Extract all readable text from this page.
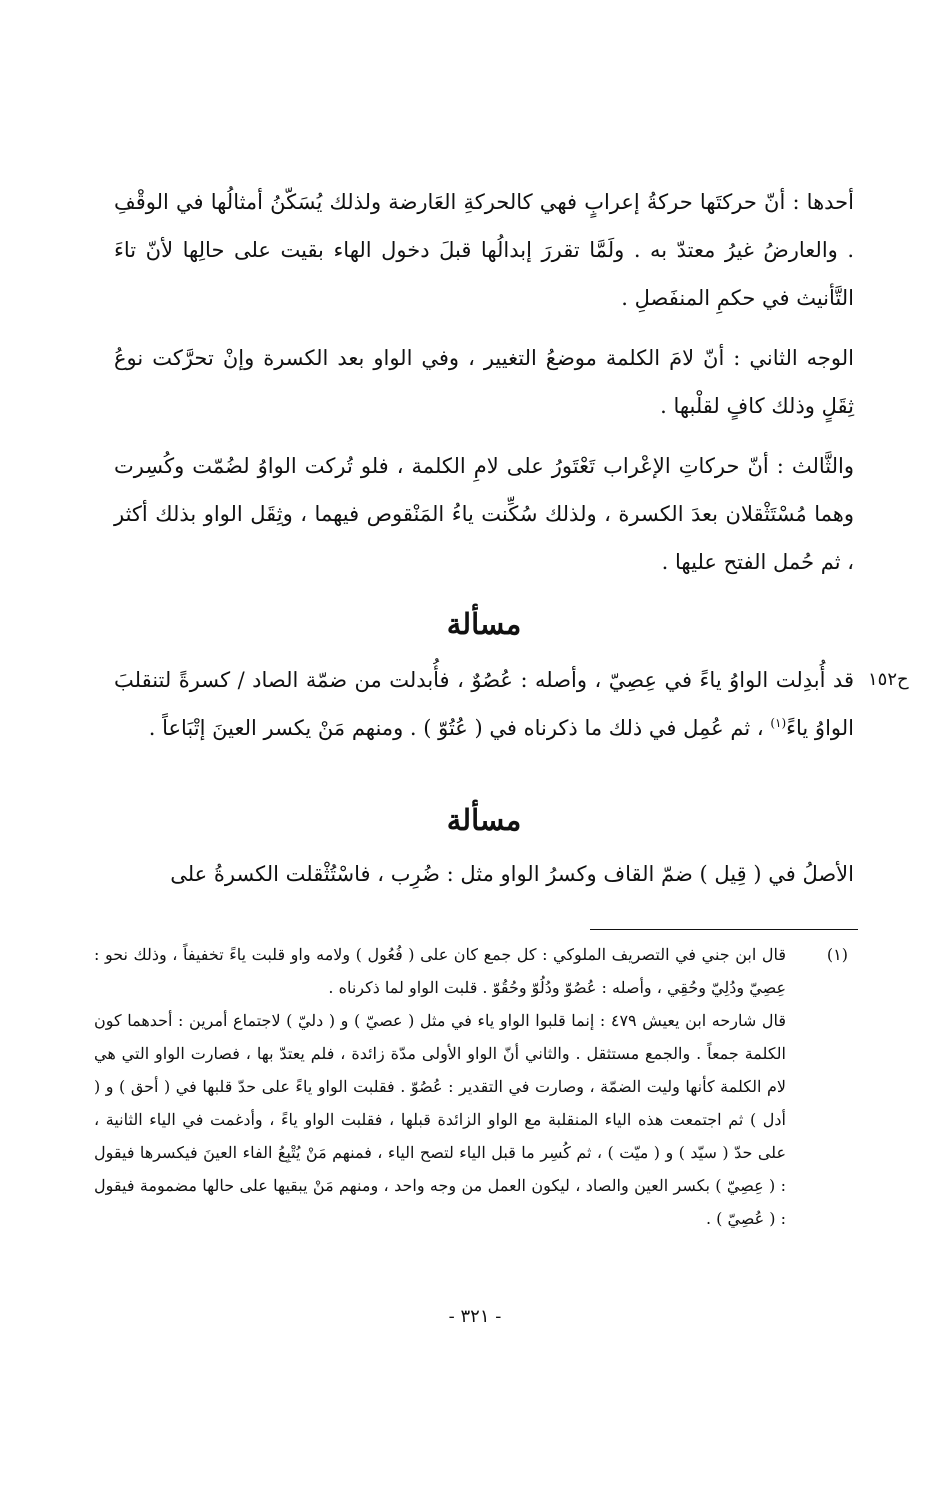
أحدها : أنّ حركتَها حركةُ إعرابٍ فهي كالحركةِ العَارضة ولذلك يُسَكّنُ أمثالُها في الوقْفِ . والعارضُ غيرُ معتدّ به . ولَمَّا تقررَ إبدالُها قبلَ دخول الهاء بقيت على حالِها لأنّ تاءَ التَّأنيث في حكمِ المنفَصلِ .

الوجه الثاني : أنّ لامَ الكلمة موضعُ التغيير ، وفي الواو بعد الكسرة وإنْ تحرَّكت نوعُ ثِقَلٍ وذلك كافٍ لقلْبها .

والثَّالث : أنّ حركاتِ الإعْراب تَعْتَورُ على لامِ الكلمة ، فلو تُركت الواوُ لضُمّت وكُسِرت وهما مُسْتَثْقلان بعدَ الكسرة ، ولذلك سُكِّنت ياءُ المَنْقوص فيهما ، وثِقَل الواو بذلك أكثر ، ثم حُمل الفتح عليها .

مسألة

قد أُبدِلت الواوُ ياءً في عِصِيّ ، وأصله : عُصُوٌ ، فأُبدلت من ضمّة الصاد / كسرةً لتنقلبَ الواوُ ياءً$^{(١)}$ ، ثم عُمِل في ذلك ما ذكرناه في ( عُتُوّ ) . ومنهم مَنْ يكسر العينَ إتْبَاعاً .

مسألة

الأصلُ في ( قِيل ) ضمّ القاف وكسرُ الواو مثل : ضُرِب ، فاسْتُثْقلت الكسرةُ على

ح١٥٢
(١)

قال ابن جني في التصريف الملوكي : كل جمع كان على ( فُعُول ) ولامه واو قلبت ياءً تخفيفاً ، وذلك نحو : عِصِيّ ودُلِيّ وحُقِي ، وأصله : عُصُوّ ودُلُوّ وحُقُوّ . قلبت الواو لما ذكرناه .

قال شارحه ابن يعيش ٤٧٩ : إنما قلبوا الواو ياء في مثل ( عصيّ ) و ( دليّ ) لاجتماع أمرين : أحدهما كون الكلمة جمعاً . والجمع مستثقل . والثاني أنّ الواو الأولى مدّة زائدة ، فلم يعتدّ بها ، فصارت الواو التي هي لام الكلمة كأنها وليت الضمّة ، وصارت في التقدير : عُصُوّ . فقلبت الواو ياءً على حدّ قلبها في ( أحق ) و ( أدل ) ثم اجتمعت هذه الياء المنقلبة مع الواو الزائدة قبلها ، فقلبت الواو ياءً ، وأدغمت في الياء الثانية ، على حدّ ( سيّد ) و ( ميّت ) ، ثم كُسِر ما قبل الياء لتصح الياء ، فمنهم مَنْ يُتْبِعُ الفاء العينَ فيكسرها فيقول : ( عِصِيّ ) بكسر العين والصاد ، ليكون العمل من وجه واحد ، ومنهم مَنْ يبقيها على حالها مضمومة فيقول : ( عُصِيّ ) .

- ٣٢١ -
